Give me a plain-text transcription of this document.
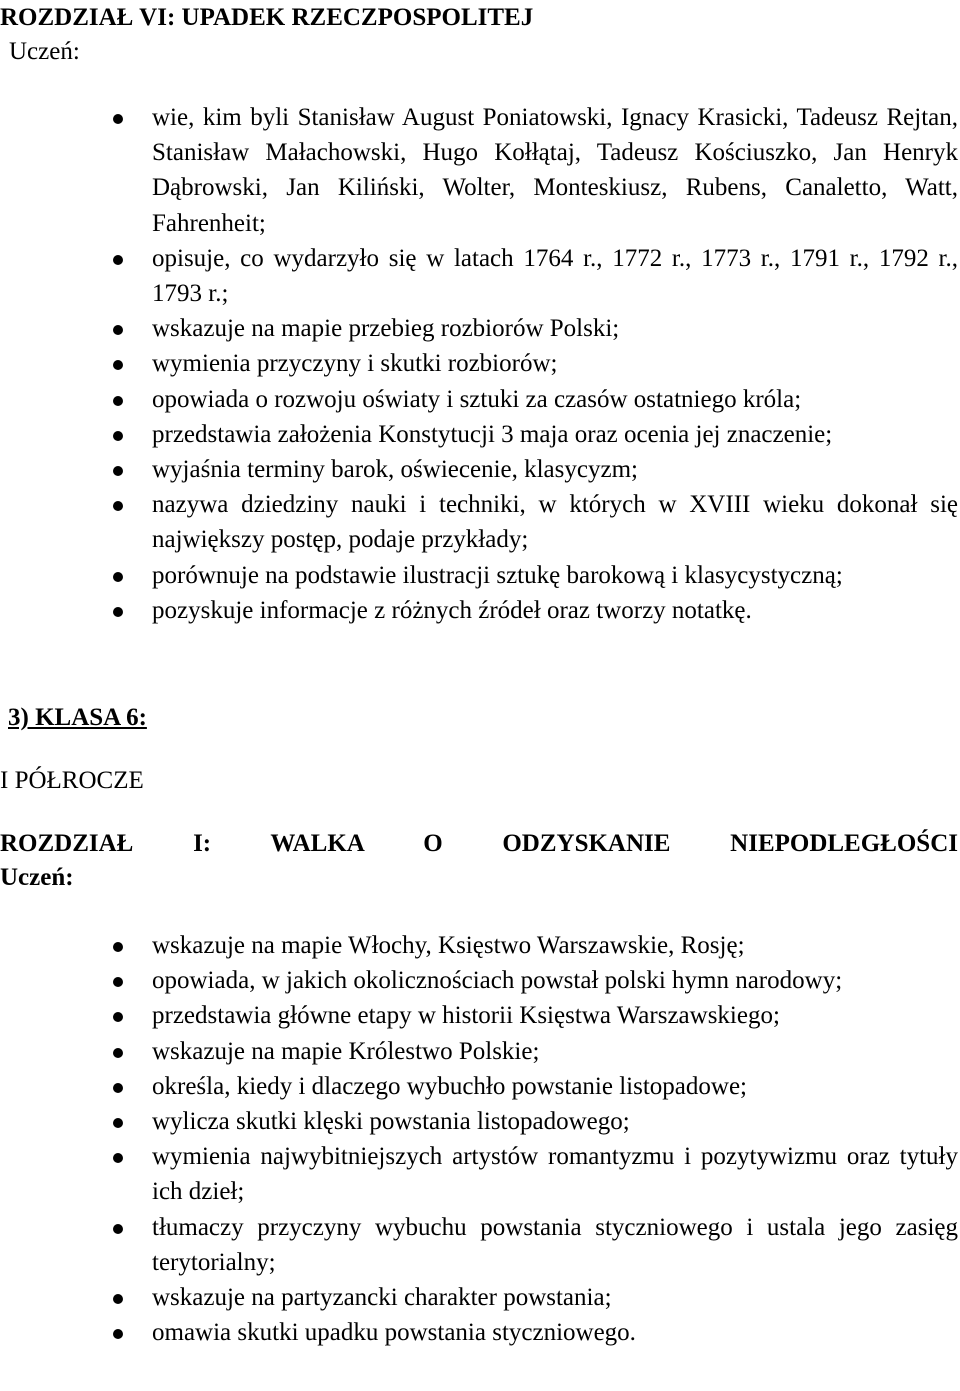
ROZDZIAŁ VI: UPADEK RZECZPOSPOLITEJ
Uczeń:
wie, kim byli Stanisław August Poniatowski, Ignacy Krasicki, Tadeusz Rejtan, Stanisław Małachowski, Hugo Kołłątaj, Tadeusz Kościuszko, Jan Henryk Dąbrowski, Jan Kiliński, Wolter, Monteskiusz, Rubens, Canaletto, Watt, Fahrenheit;
opisuje, co wydarzyło się w latach 1764 r., 1772 r., 1773 r., 1791 r., 1792 r., 1793 r.;
wskazuje na mapie przebieg rozbiorów Polski;
wymienia przyczyny i skutki rozbiorów;
opowiada o rozwoju oświaty i sztuki za czasów ostatniego króla;
przedstawia założenia Konstytucji 3 maja oraz ocenia jej znaczenie;
wyjaśnia terminy barok, oświecenie, klasycyzm;
nazywa dziedziny nauki i techniki, w których w XVIII wieku dokonał się największy postęp, podaje przykłady;
porównuje na podstawie ilustracji sztukę barokową i klasycystyczną;
pozyskuje informacje z różnych źródeł oraz tworzy notatkę.
3) KLASA 6:
I PÓŁROCZE
ROZDZIAŁ I: WALKA O ODZYSKANIE NIEPODLEGŁOŚCI
Uczeń:
wskazuje na mapie Włochy, Księstwo Warszawskie, Rosję;
opowiada, w jakich okolicznościach powstał polski hymn narodowy;
przedstawia główne etapy w historii Księstwa Warszawskiego;
wskazuje na mapie Królestwo Polskie;
określa, kiedy i dlaczego wybuchło powstanie listopadowe;
wylicza skutki klęski powstania listopadowego;
wymienia najwybitniejszych artystów romantyzmu i pozytywizmu oraz tytuły ich dzieł;
tłumaczy przyczyny wybuchu powstania styczniowego i ustala jego zasięg terytorialny;
wskazuje na partyzancki charakter powstania;
omawia skutki upadku powstania styczniowego.
